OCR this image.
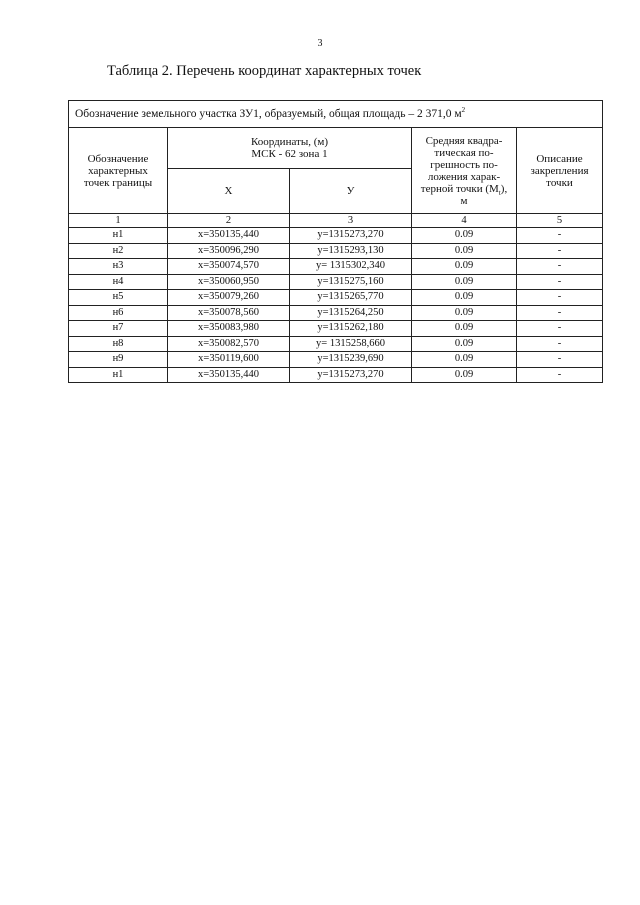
3
Таблица 2. Перечень координат характерных точек
Обозначение земельного участка ЗУ1, образуемый, общая площадь – 2 371,0 $м^2$
Обозначение характерных точек границы	Координаты, (м)
МСК - 62 зона 1		Средняя квадра-тическая по-грешность по-ложения харак-терной точки $(M_t)$, м	Описание закрепления точки
	X	У		
1	2	3	4	5
н1	x=350135,440	y=1315273,270	0.09	-
н2	x=350096,290	y=1315293,130	0.09	-
н3	x=350074,570	y= 1315302,340	0.09	-
н4	x=350060,950	y=1315275,160	0.09	-
н5	x=350079,260	y=1315265,770	0.09	-
н6	x=350078,560	y=1315264,250	0.09	-
н7	x=350083,980	y=1315262,180	0.09	-
н8	x=350082,570	y= 1315258,660	0.09	-
н9	x=350119,600	y=1315239,690	0.09	-
н1	x=350135,440	y=1315273,270	0.09	-
